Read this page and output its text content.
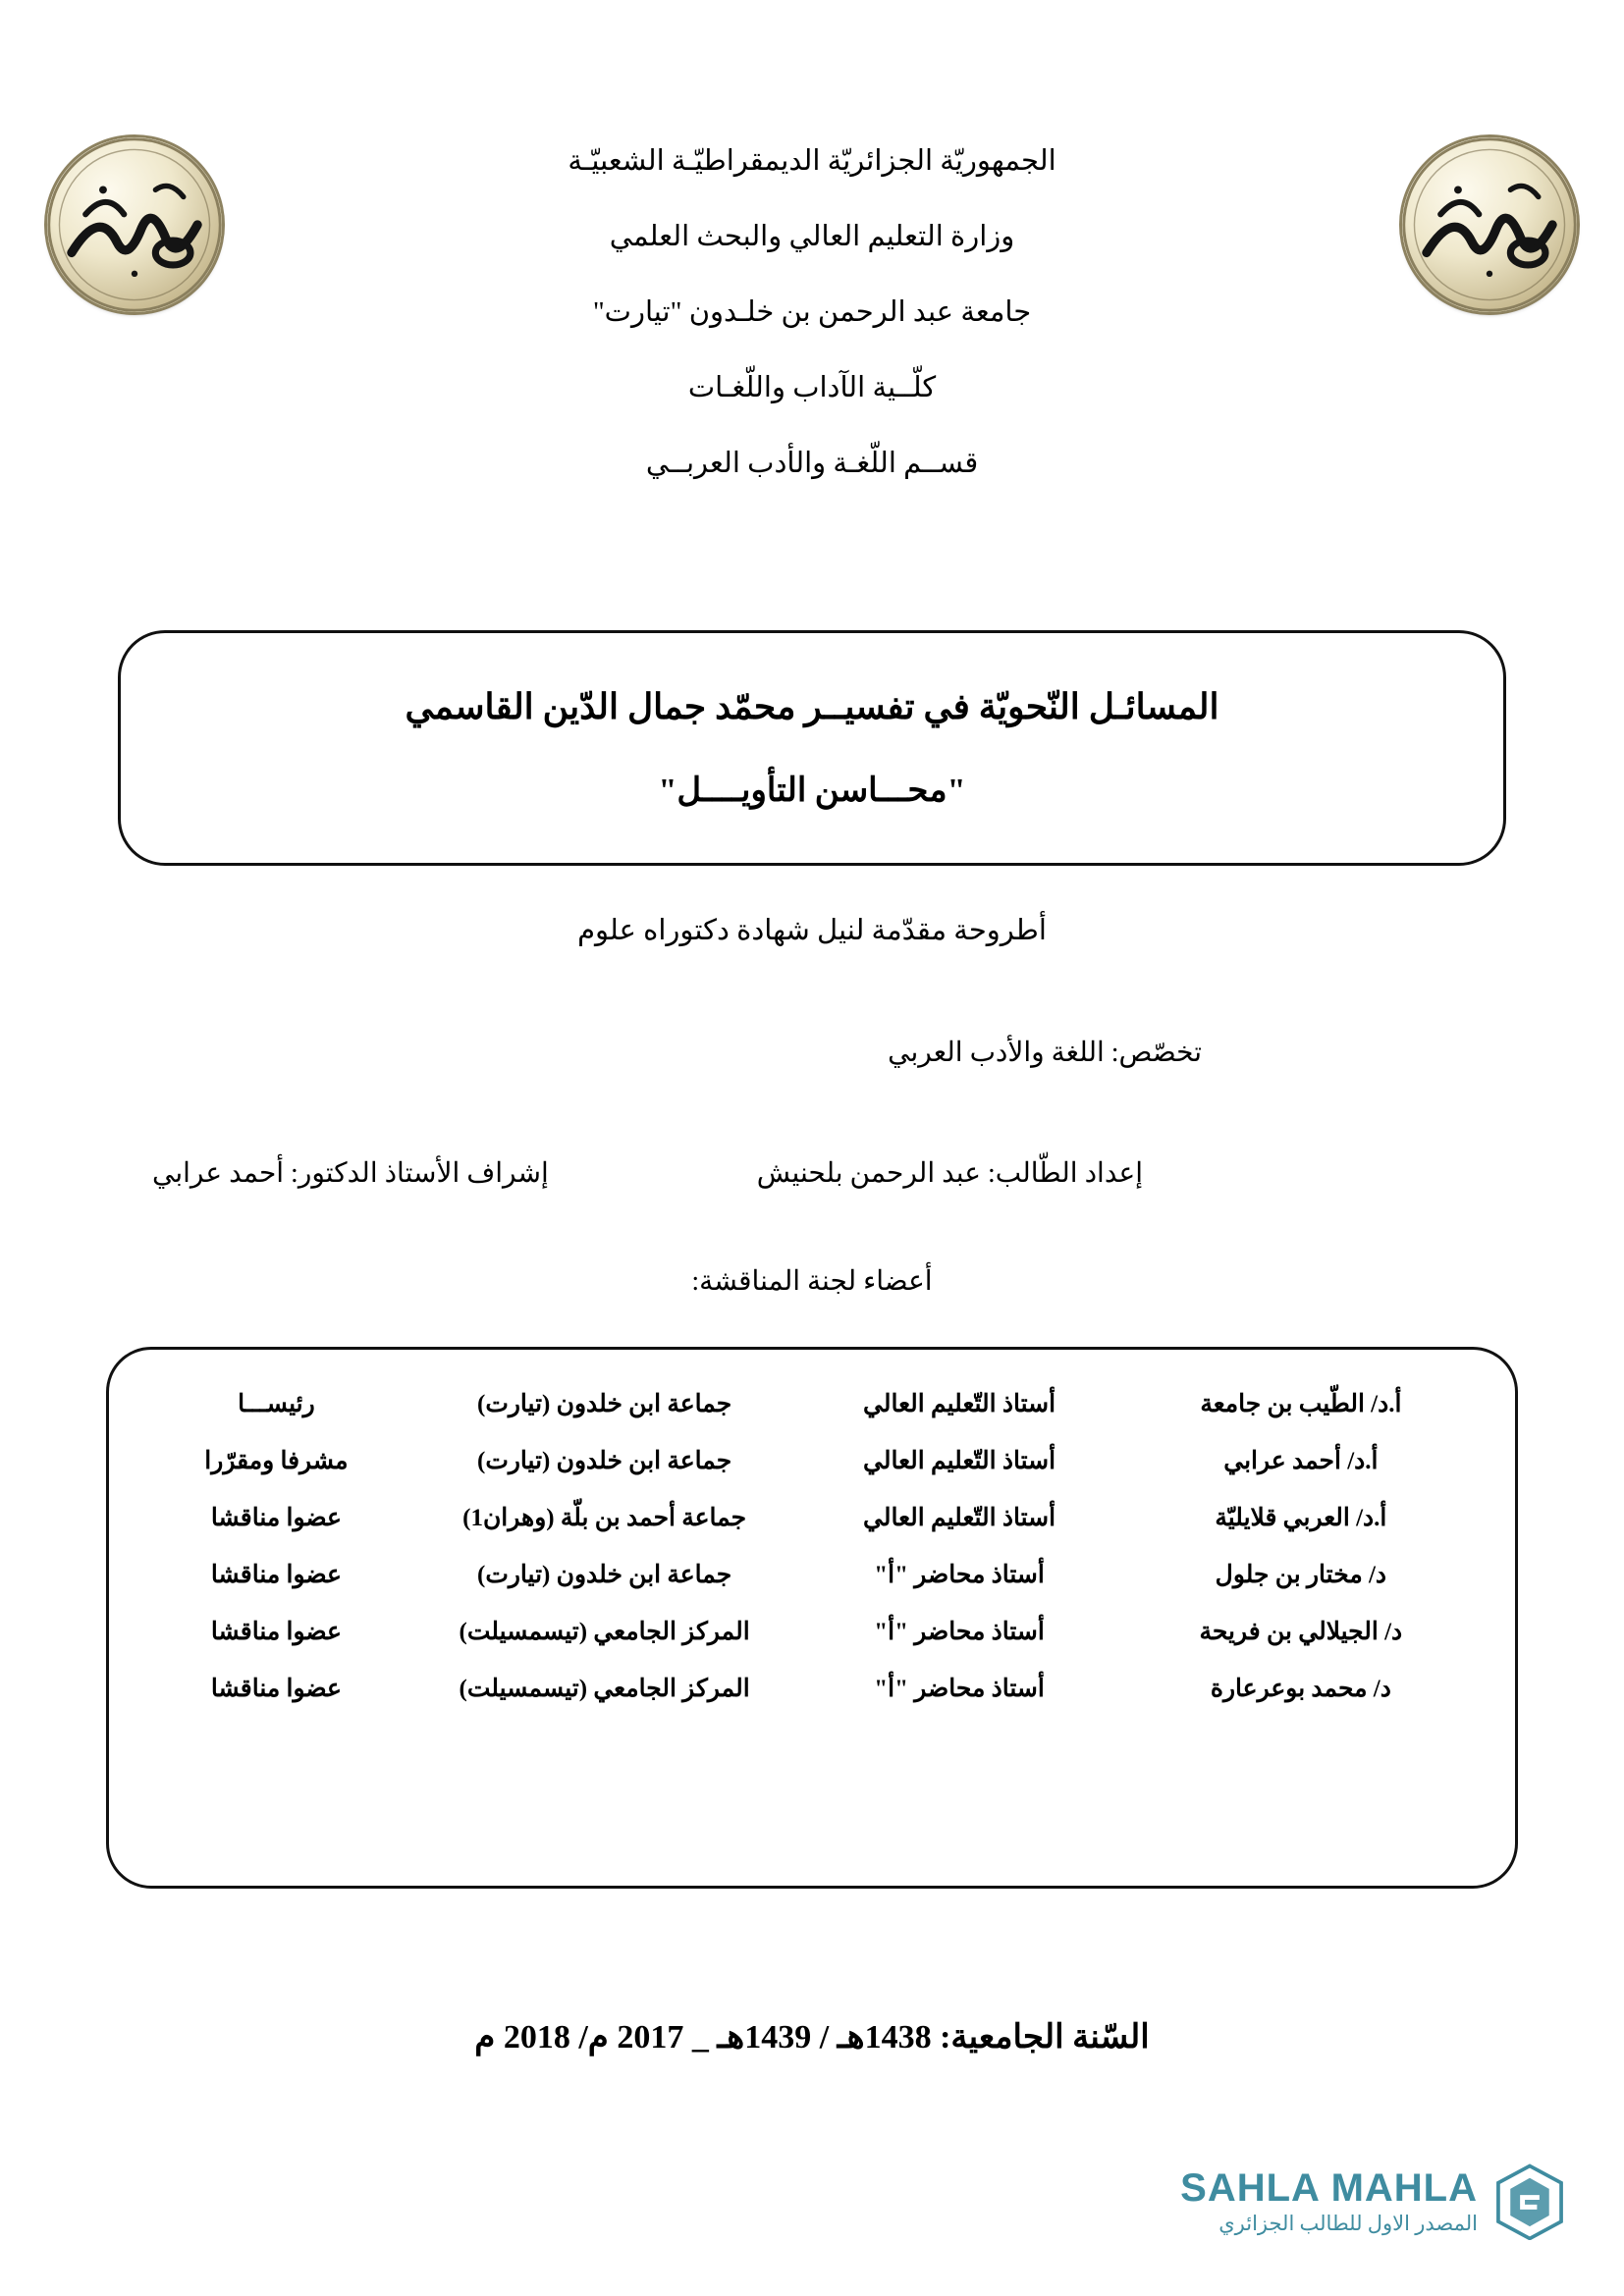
الجمهوريّة الجزائريّة الديمقراطيّـة الشعبيّـة
وزارة التعليم العالي والبحث العلمي
جامعة عبد الرحمن بن خلـدون "تيارت"
كلّــية الآداب واللّغـات
قســم اللّغـة والأدب العربــي
المسائـل النّحويّة في تفسيــر محمّد جمال الدّين القاسمي
"محـــاسن التأويــــل"
أطروحة مقدّمة لنيل شهادة دكتوراه علوم
تخصّص: اللغة والأدب العربي
إعداد الطّالب: عبد الرحمن بلحنيش
إشراف الأستاذ الدكتور: أحمد عرابي
أعضاء لجنة المناقشة:
أ.د/ الطّيب بن جامعة	أستاذ التّعليم العالي	جماعة ابن خلدون (تيارت)	رئيســـا
أ.د/ أحمد عرابي	أستاذ التّعليم العالي	جماعة ابن خلدون (تيارت)	مشرفا ومقرّرا
أ.د/ العربي قلايليّة	أستاذ التّعليم العالي	جماعة أحمد بن بلّة (وهران1)	عضوا مناقشا
د/ مختار بن جلول	أستاذ محاضر "أ"	جماعة ابن خلدون (تيارت)	عضوا مناقشا
د/ الجيلالي بن فريحة	أستاذ محاضر "أ"	المركز الجامعي (تيسمسيلت)	عضوا مناقشا
د/ محمد بوعرعارة	أستاذ محاضر "أ"	المركز الجامعي (تيسمسيلت)	عضوا مناقشا
السّنة الجامعية: 1438هـ / 1439هـ _ 2017 م/ 2018 م
SAHLA MAHLA
المصدر الاول للطالب الجزائري
